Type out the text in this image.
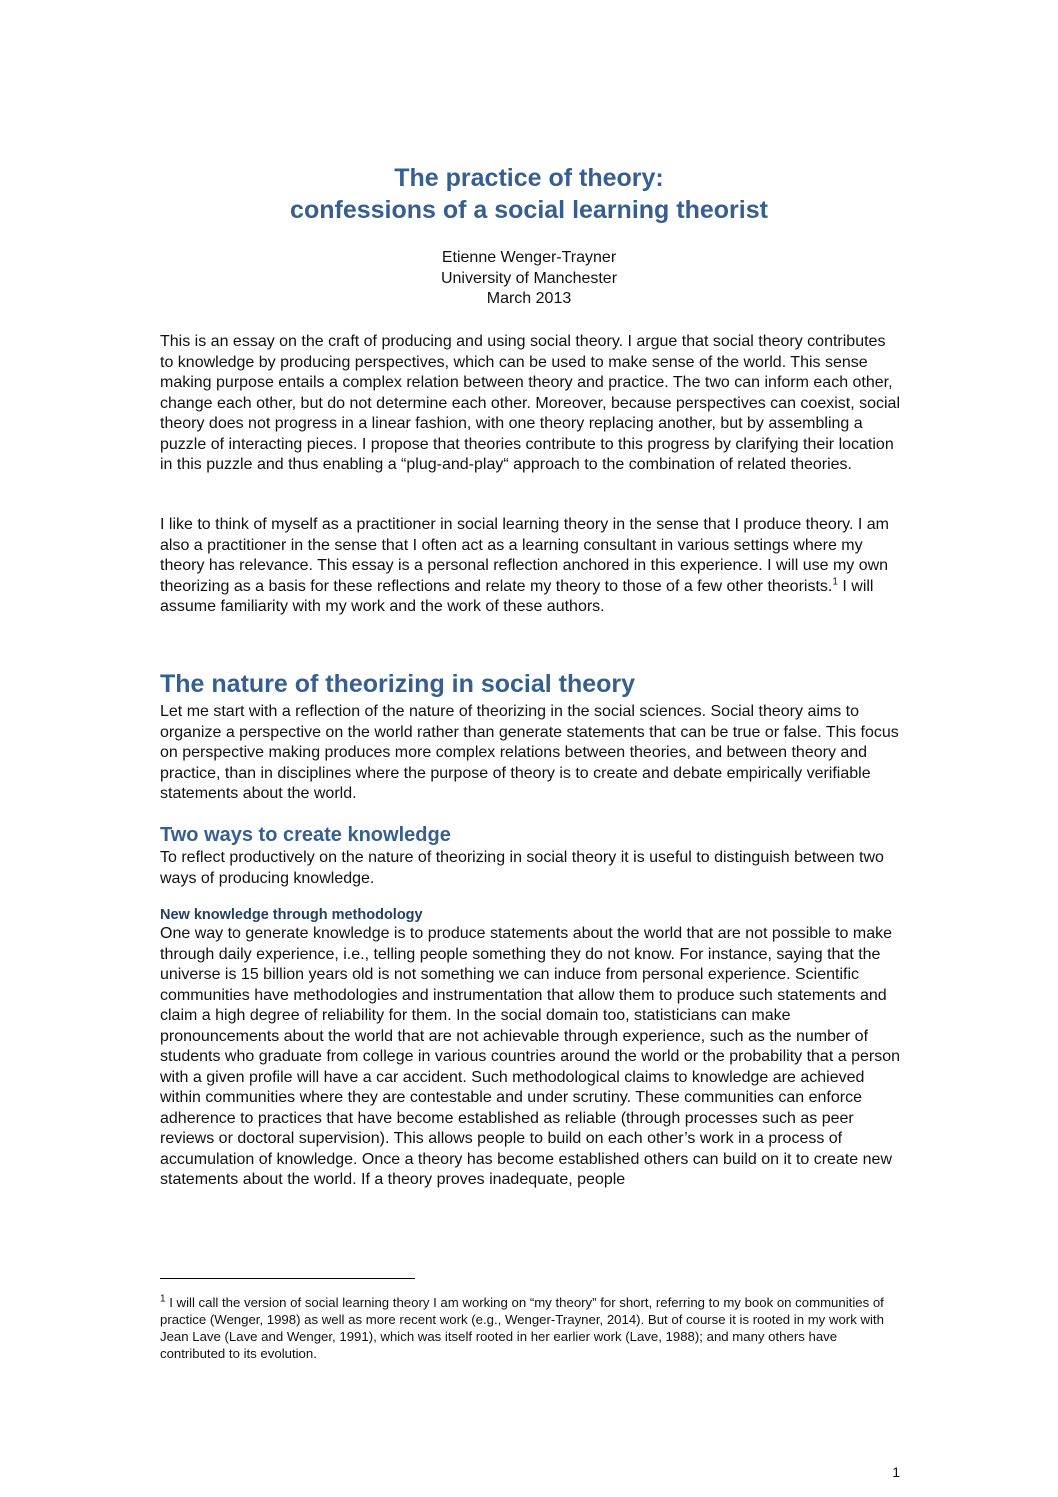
The practice of theory:
confessions of a social learning theorist
Etienne Wenger-Trayner
University of Manchester
March 2013

This is an essay on the craft of producing and using social theory. I argue that social theory contributes to knowledge by producing perspectives, which can be used to make sense of the world. This sense making purpose entails a complex relation between theory and practice. The two can inform each other, change each other, but do not determine each other. Moreover, because perspectives can coexist, social theory does not progress in a linear fashion, with one theory replacing another, but by assembling a puzzle of interacting pieces. I propose that theories contribute to this progress by clarifying their location in this puzzle and thus enabling a “plug-and-play“ approach to the combination of related theories.

I like to think of myself as a practitioner in social learning theory in the sense that I produce theory. I am also a practitioner in the sense that I often act as a learning consultant in various settings where my theory has relevance. This essay is a personal reflection anchored in this experience. I will use my own theorizing as a basis for these reflections and relate my theory to those of a few other theorists.$^1$ I will assume familiarity with my work and the work of these authors.

The nature of theorizing in social theory

Let me start with a reflection of the nature of theorizing in the social sciences. Social theory aims to organize a perspective on the world rather than generate statements that can be true or false. This focus on perspective making produces more complex relations between theories, and between theory and practice, than in disciplines where the purpose of theory is to create and debate empirically verifiable statements about the world.

Two ways to create knowledge

To reflect productively on the nature of theorizing in social theory it is useful to distinguish between two ways of producing knowledge.

New knowledge through methodology

One way to generate knowledge is to produce statements about the world that are not possible to make through daily experience, i.e., telling people something they do not know. For instance, saying that the universe is 15 billion years old is not something we can induce from personal experience. Scientific communities have methodologies and instrumentation that allow them to produce such statements and claim a high degree of reliability for them. In the social domain too, statisticians can make pronouncements about the world that are not achievable through experience, such as the number of students who graduate from college in various countries around the world or the probability that a person with a given profile will have a car accident. Such methodological claims to knowledge are achieved within communities where they are contestable and under scrutiny. These communities can enforce adherence to practices that have become established as reliable (through processes such as peer reviews or doctoral supervision). This allows people to build on each other’s work in a process of accumulation of knowledge. Once a theory has become established others can build on it to create new statements about the world. If a theory proves inadequate, people

$^1$ I will call the version of social learning theory I am working on “my theory” for short, referring to my book on communities of practice (Wenger, 1998) as well as more recent work (e.g., Wenger-Trayner, 2014). But of course it is rooted in my work with Jean Lave (Lave and Wenger, 1991), which was itself rooted in her earlier work (Lave, 1988); and many others have contributed to its evolution.

1
